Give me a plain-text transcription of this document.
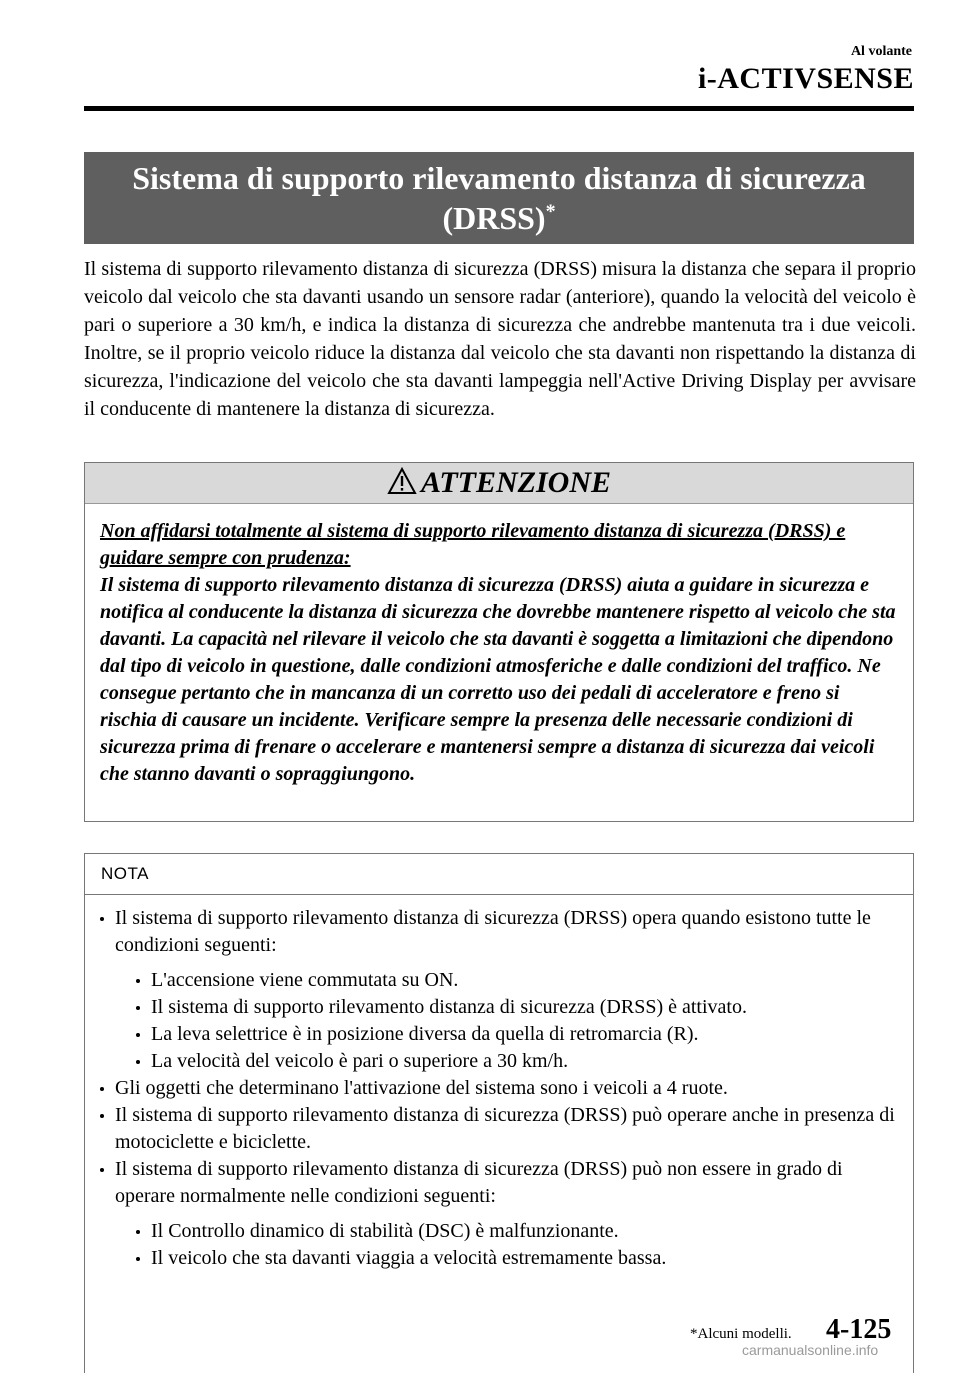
Al volante
i-ACTIVSENSE
Sistema di supporto rilevamento distanza di sicurezza
(DRSS)*

Il sistema di supporto rilevamento distanza di sicurezza (DRSS) misura la distanza che separa il proprio veicolo dal veicolo che sta davanti usando un sensore radar (anteriore), quando la velocità del veicolo è pari o superiore a 30 km/h, e indica la distanza di sicurezza che andrebbe mantenuta tra i due veicoli. Inoltre, se il proprio veicolo riduce la distanza dal veicolo che sta davanti non rispettando la distanza di sicurezza, l'indicazione del veicolo che sta davanti lampeggia nell'Active Driving Display per avvisare il conducente di mantenere la distanza di sicurezza.

ATTENZIONE
Non affidarsi totalmente al sistema di supporto rilevamento distanza di sicurezza (DRSS) e guidare sempre con prudenza:
Il sistema di supporto rilevamento distanza di sicurezza (DRSS) aiuta a guidare in sicurezza e notifica al conducente la distanza di sicurezza che dovrebbe mantenere rispetto al veicolo che sta davanti. La capacità nel rilevare il veicolo che sta davanti è soggetta a limitazioni che dipendono dal tipo di veicolo in questione, dalle condizioni atmosferiche e dalle condizioni del traffico. Ne consegue pertanto che in mancanza di un corretto uso dei pedali di acceleratore e freno si rischia di causare un incidente. Verificare sempre la presenza delle necessarie condizioni di sicurezza prima di frenare o accelerare e mantenersi sempre a distanza di sicurezza dai veicoli che stanno davanti o sopraggiungono.
NOTA
Il sistema di supporto rilevamento distanza di sicurezza (DRSS) opera quando esistono tutte le condizioni seguenti:
L'accensione viene commutata su ON.
Il sistema di supporto rilevamento distanza di sicurezza (DRSS) è attivato.
La leva selettrice è in posizione diversa da quella di retromarcia (R).
La velocità del veicolo è pari o superiore a 30 km/h.
Gli oggetti che determinano l'attivazione del sistema sono i veicoli a 4 ruote.
Il sistema di supporto rilevamento distanza di sicurezza (DRSS) può operare anche in presenza di motociclette e biciclette.
Il sistema di supporto rilevamento distanza di sicurezza (DRSS) può non essere in grado di operare normalmente nelle condizioni seguenti:
Il Controllo dinamico di stabilità (DSC) è malfunzionante.
Il veicolo che sta davanti viaggia a velocità estremamente bassa.
*Alcuni modelli. 4-125
carmanualsonline.info
